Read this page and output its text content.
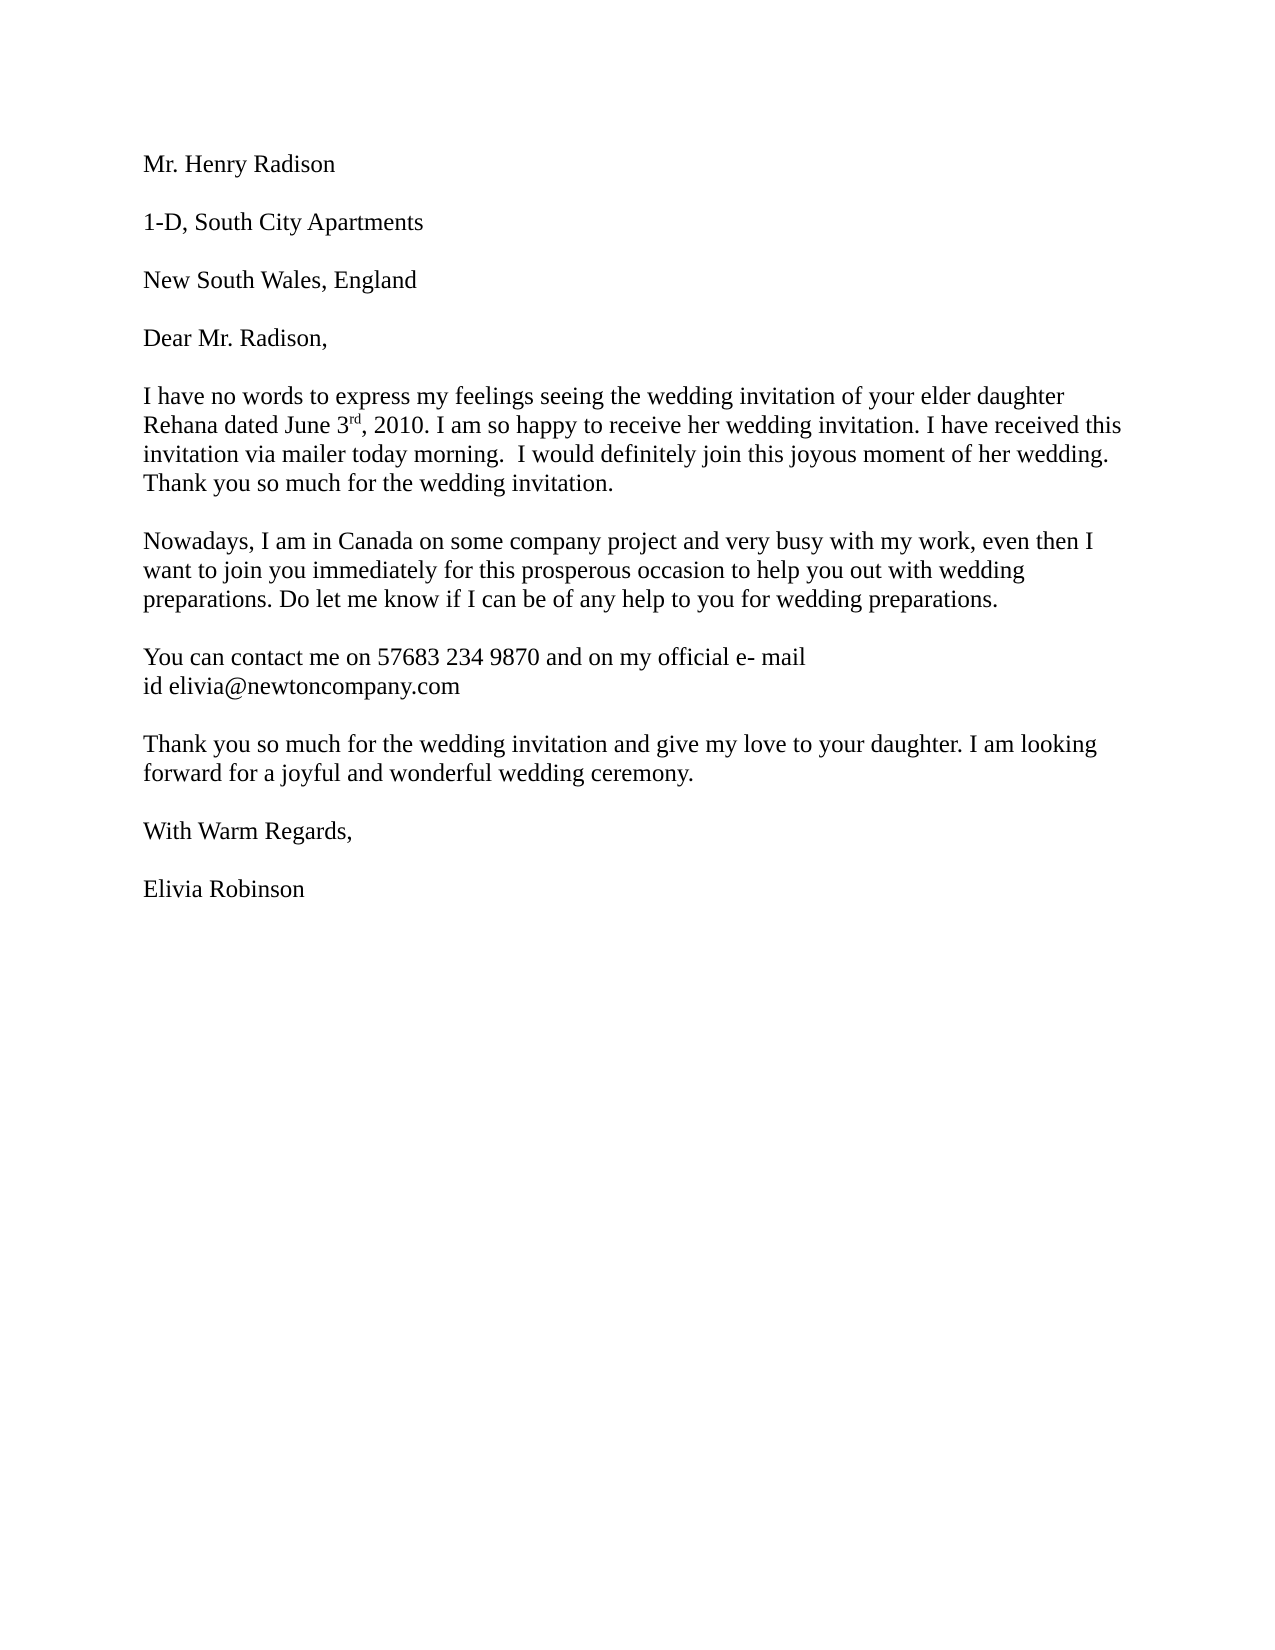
Mr. Henry Radison

1-D, South City Apartments

New South Wales, England

Dear Mr. Radison,

I have no words to express my feelings seeing the wedding invitation of your elder daughter Rehana dated June 3rd, 2010. I am so happy to receive her wedding invitation. I have received this invitation via mailer today morning.  I would definitely join this joyous moment of her wedding. Thank you so much for the wedding invitation.

Nowadays, I am in Canada on some company project and very busy with my work, even then I want to join you immediately for this prosperous occasion to help you out with wedding preparations. Do let me know if I can be of any help to you for wedding preparations.

You can contact me on 57683 234 9870 and on my official e- mail
id elivia@newtoncompany.com

Thank you so much for the wedding invitation and give my love to your daughter. I am looking forward for a joyful and wonderful wedding ceremony.

With Warm Regards,

Elivia Robinson
